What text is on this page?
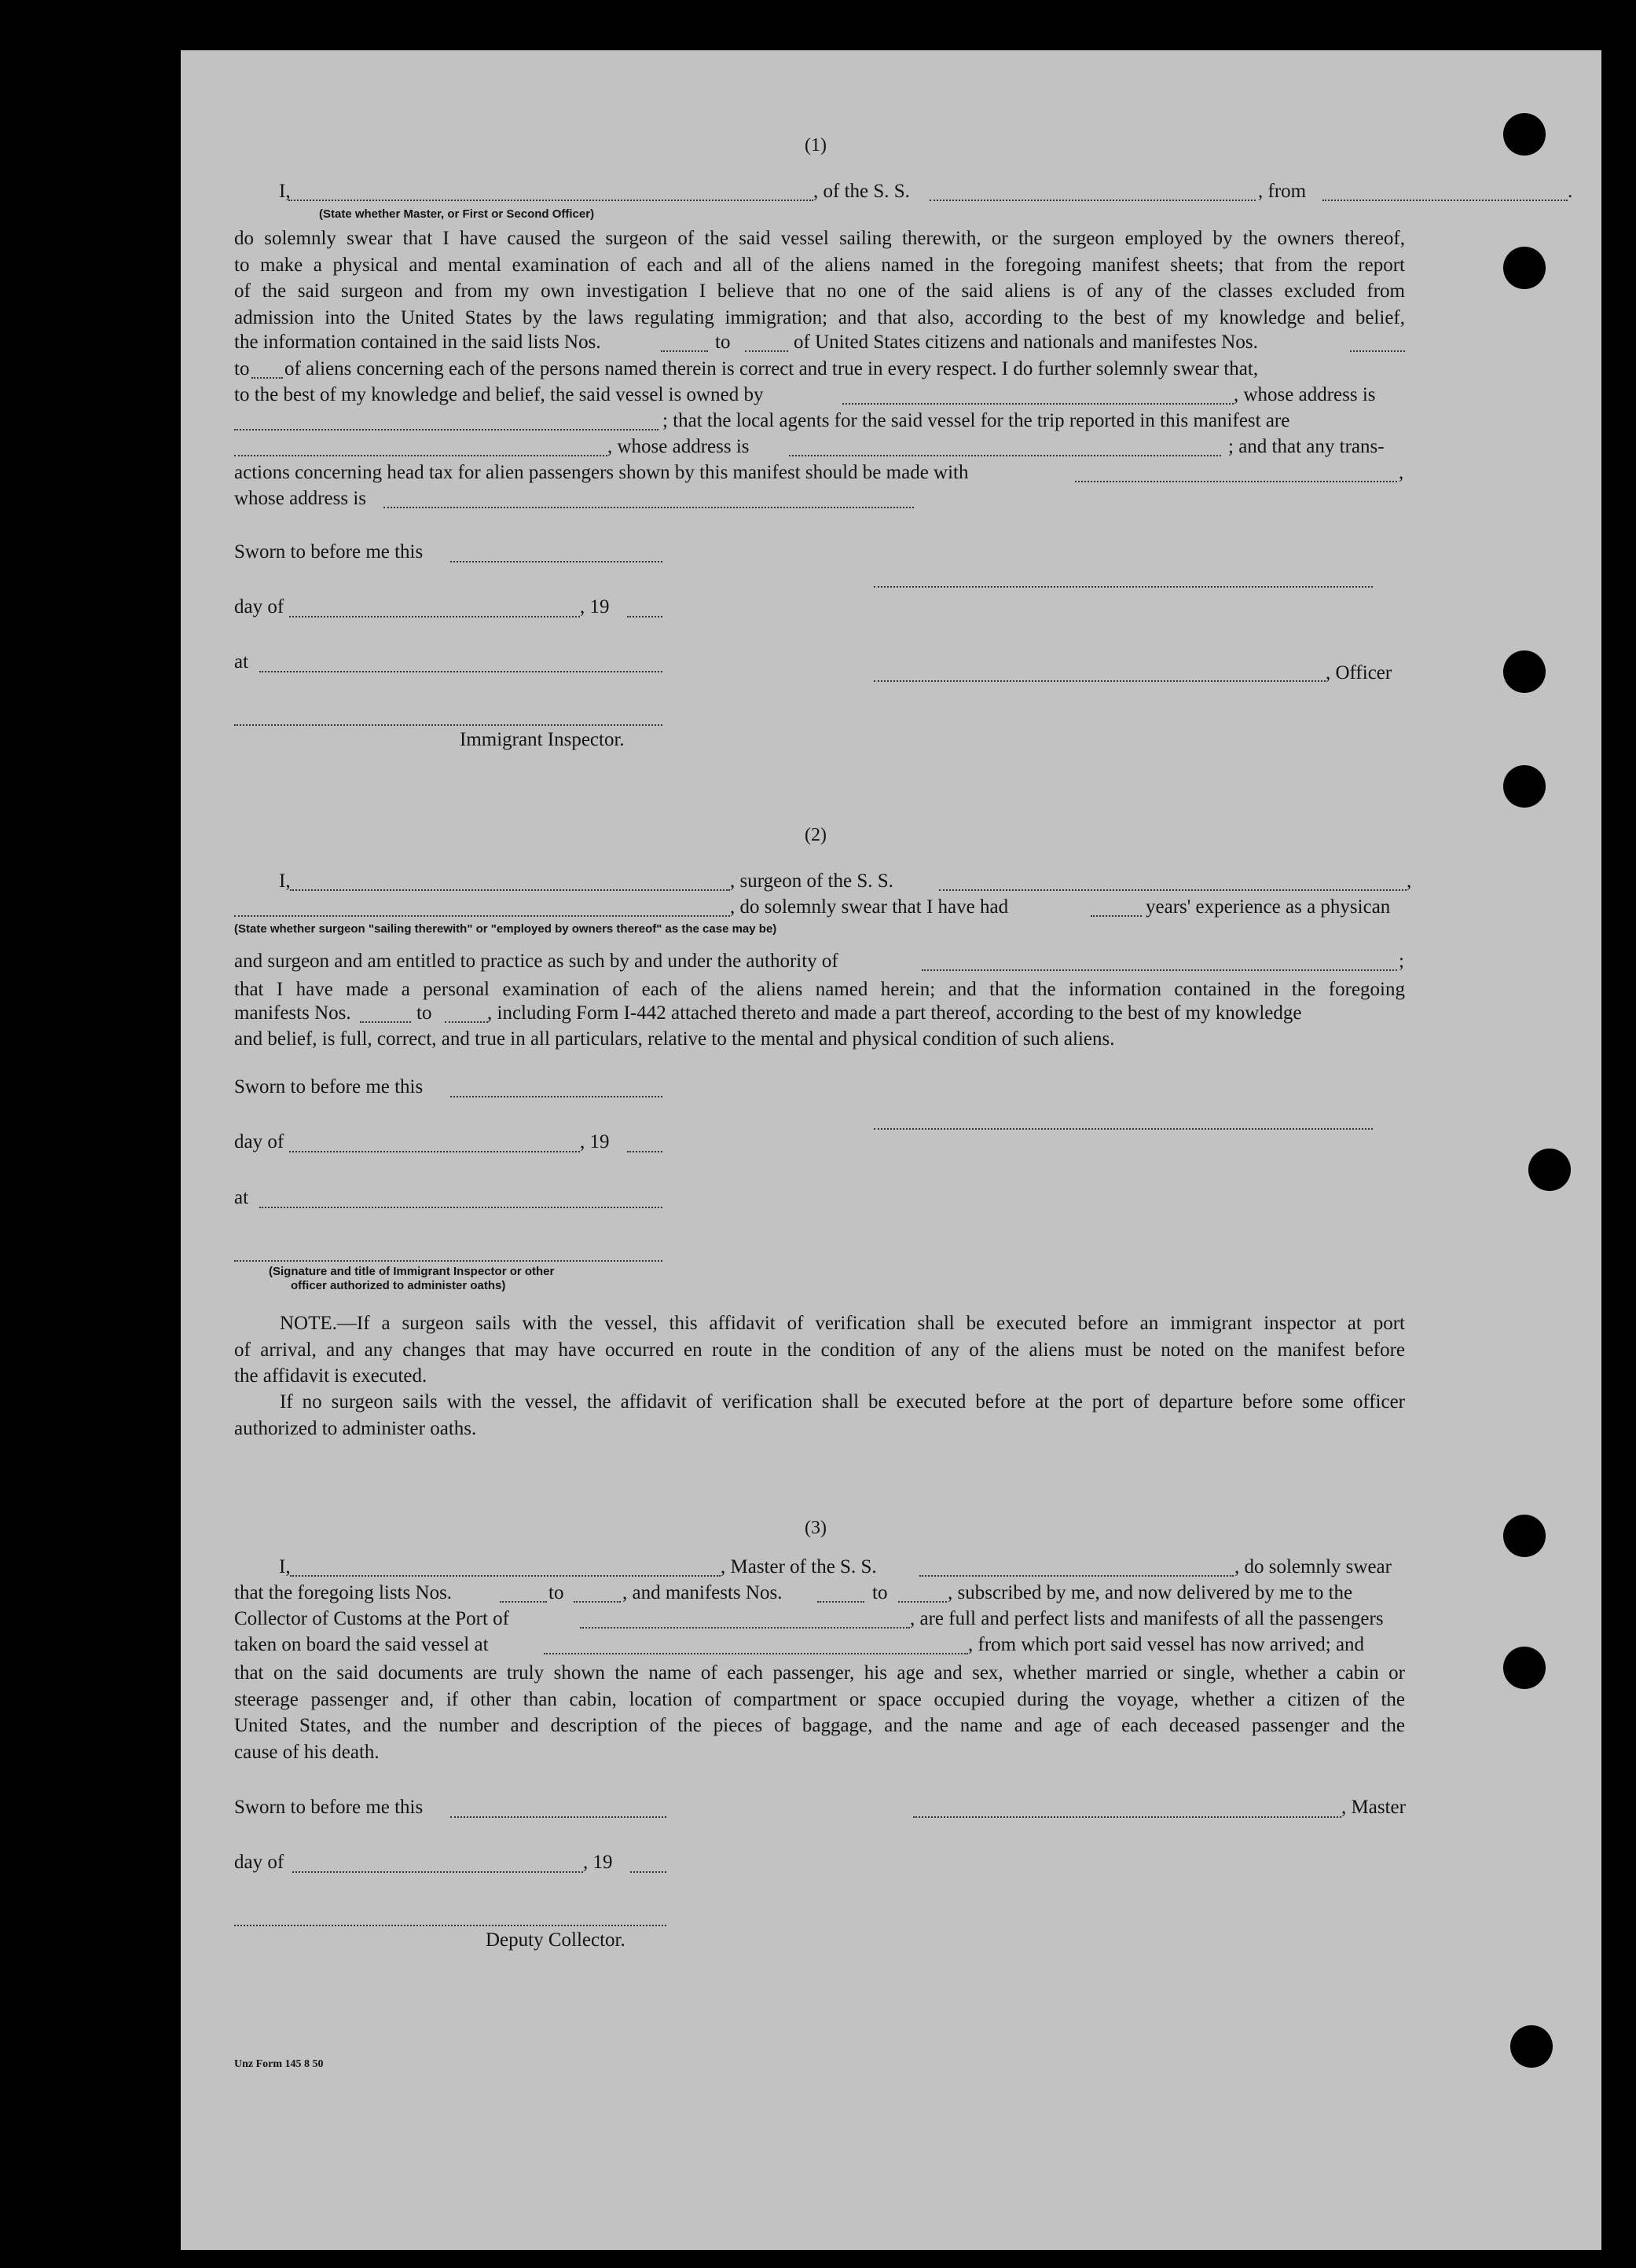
(1)
I,	, of the S. S.	, from	.
(State whether Master, or First or Second Officer)
do solemnly swear that I have caused the surgeon of the said vessel sailing therewith, or the surgeon employed by the owners thereof,
to make a physical and mental examination of each and all of the aliens named in the foregoing manifest sheets; that from the report
of the said surgeon and from my own investigation I believe that no one of the said aliens is of any of the classes excluded from
admission into the United States by the laws regulating immigration; and that also, according to the best of my knowledge and belief,
the information contained in the said lists Nos.	to	of United States citizens and nationals and manifestes Nos.
to of aliens concerning each of the persons named therein is correct and true in every respect. I do further solemnly swear that,
to the best of my knowledge and belief, the said vessel is owned by	, whose address is
; that the local agents for the said vessel for the trip reported in this manifest are
, whose address is	; and that any trans-
actions concerning head tax for alien passengers shown by this manifest should be made with	,
whose address is
Sworn to before me this
day of	, 19
at
, Officer
Immigrant Inspector.
(2)
I,	, surgeon of the S. S.	,
, do solemnly swear that I have had	years' experience as a physican
(State whether surgeon "sailing therewith" or "employed by owners thereof" as the case may be)
and surgeon and am entitled to practice as such by and under the authority of	;
that I have made a personal examination of each of the aliens named herein; and that the information contained in the foregoing
manifests Nos.	to	, including Form I-442 attached thereto and made a part thereof, according to the best of my knowledge
and belief, is full, correct, and true in all particulars, relative to the mental and physical condition of such aliens.
Sworn to before me this
day of	, 19
at
(Signature and title of Immigrant Inspector or other
officer authorized to administer oaths)
NOTE.—If a surgeon sails with the vessel, this affidavit of verification shall be executed before an immigrant inspector at port
of arrival, and any changes that may have occurred en route in the condition of any of the aliens must be noted on the manifest before
the affidavit is executed.
If no surgeon sails with the vessel, the affidavit of verification shall be executed before at the port of departure before some officer
authorized to administer oaths.
(3)
I,	, Master of the S. S.	, do solemnly swear
that the foregoing lists Nos.	to	, and manifests Nos.	to	, subscribed by me, and now delivered by me to the
Collector of Customs at the Port of	, are full and perfect lists and manifests of all the passengers
taken on board the said vessel at	, from which port said vessel has now arrived; and
that on the said documents are truly shown the name of each passenger, his age and sex, whether married or single, whether a cabin or
steerage passenger and, if other than cabin, location of compartment or space occupied during the voyage, whether a citizen of the
United States, and the number and description of the pieces of baggage, and the name and age of each deceased passenger and the
cause of his death.
Sworn to before me this	, Master
day of	, 19
Deputy Collector.
Unz Form 145 8 50
